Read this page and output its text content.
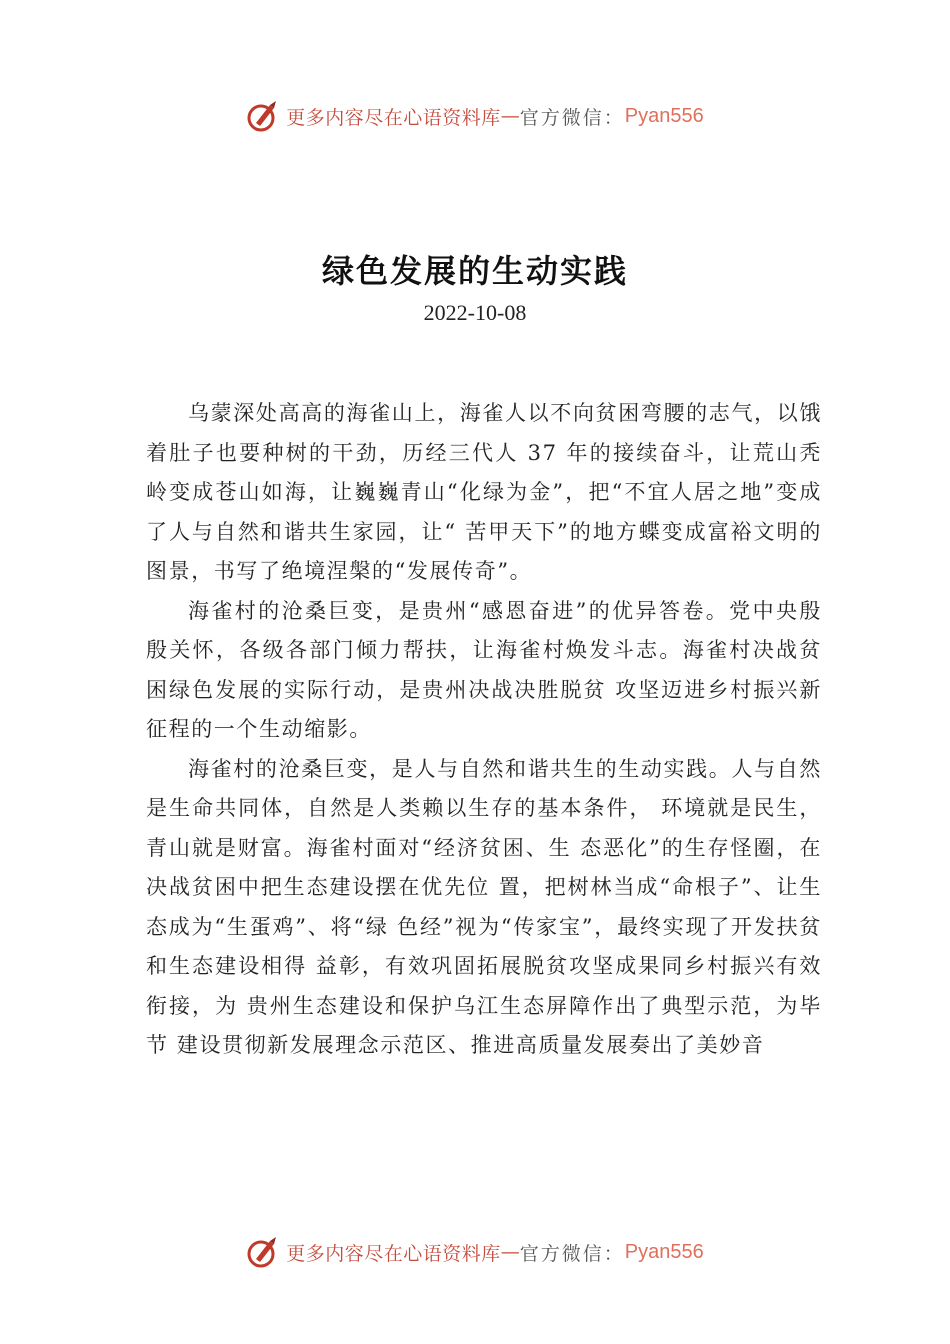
更多内容尽在心语资料库 — 官方微信： Pyan556
绿色发展的生动实践
2022-10-08

乌蒙深处高高的海雀山上，海雀人以不向贫困弯腰的志气，以饿着肚子也要种树的干劲，历经三代人 37 年的接续奋斗，让荒山秃岭变成苍山如海，让巍巍青山“化绿为金”，把“不宜人居之地”变成了人与自然和谐共生家园，让“ 苦甲天下”的地方蝶变成富裕文明的图景，书写了绝境涅槃的“发展传奇”。

海雀村的沧桑巨变，是贵州“感恩奋进”的优异答卷。党中央殷殷关怀，各级各部门倾力帮扶，让海雀村焕发斗志。海雀村决战贫困绿色发展的实际行动，是贵州决战决胜脱贫 攻坚迈进乡村振兴新征程的一个生动缩影。

海雀村的沧桑巨变，是人与自然和谐共生的生动实践。人与自然是生命共同体，自然是人类赖以生存的基本条件， 环境就是民生，青山就是财富。海雀村面对“经济贫困、生 态恶化”的生存怪圈，在决战贫困中把生态建设摆在优先位 置，把树林当成“命根子”、让生态成为“生蛋鸡”、将“绿 色经”视为“传家宝”，最终实现了开发扶贫和生态建设相得 益彰，有效巩固拓展脱贫攻坚成果同乡村振兴有效衔接，为 贵州生态建设和保护乌江生态屏障作出了典型示范，为毕节 建设贯彻新发展理念示范区、推进高质量发展奏出了美妙音

更多内容尽在心语资料库 — 官方微信： Pyan556
